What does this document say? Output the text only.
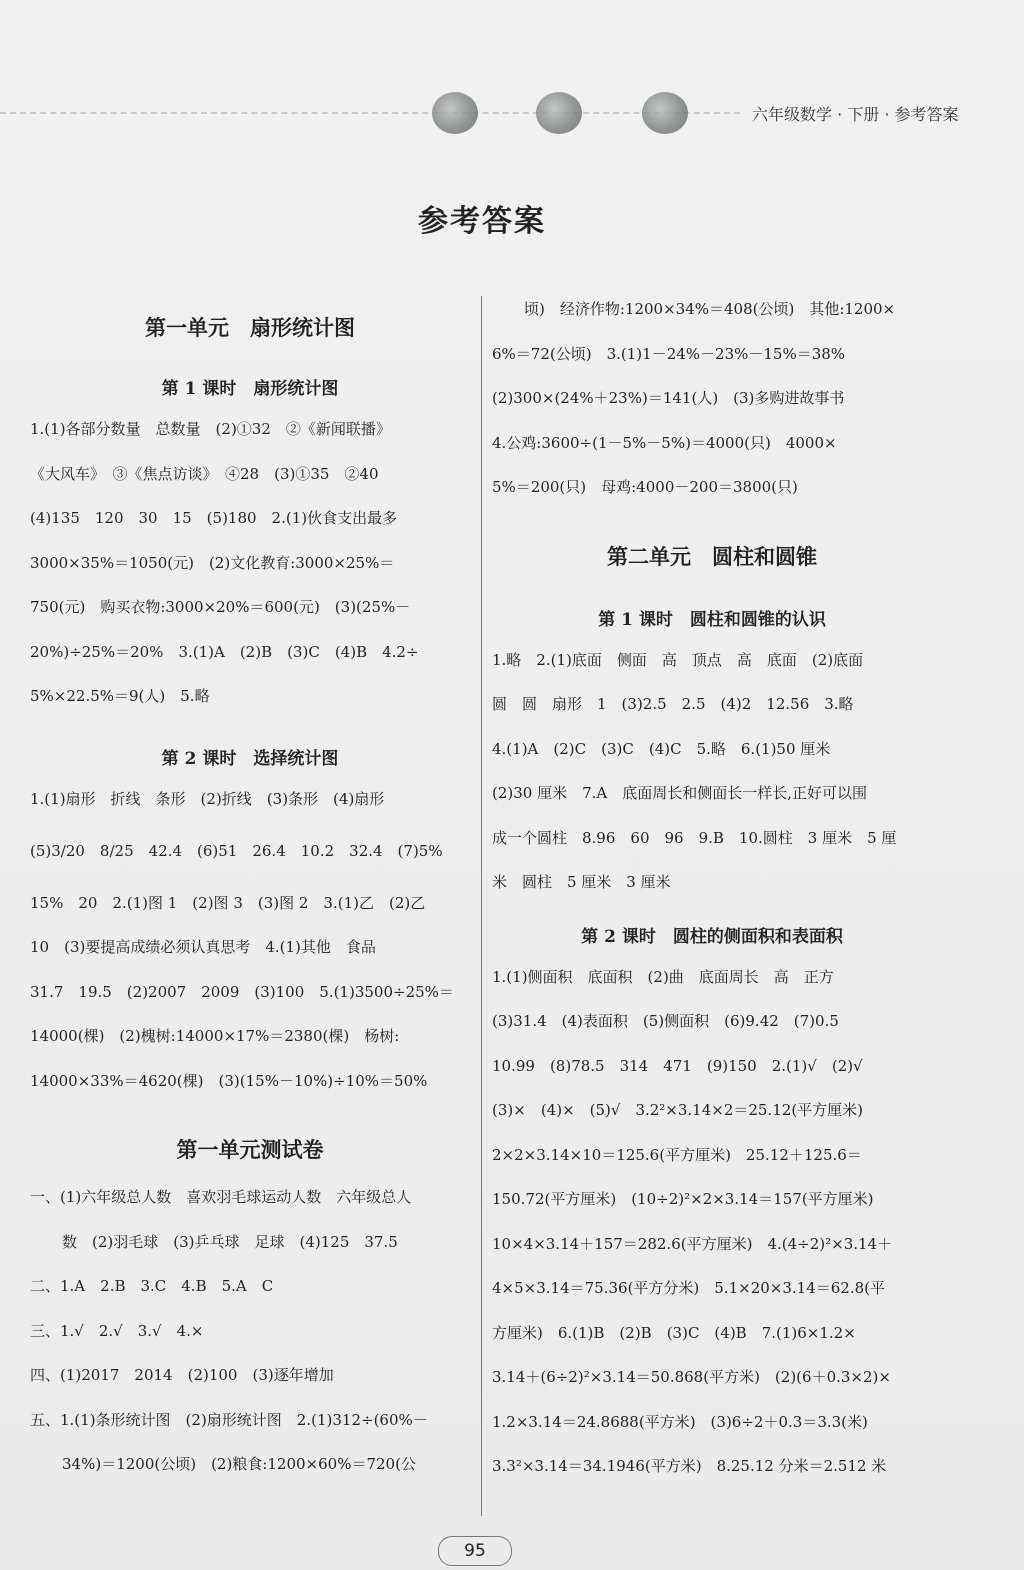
六年级数学 · 下册 · 参考答案
参考答案
第一单元　扇形统计图
第 1 课时　扇形统计图
1.(1)各部分数量　总数量　(2)①32　②《新闻联播》
《大风车》　③《焦点访谈》　④28　(3)①35　②40
(4)135　120　30　15　(5)180　2.(1)伙食支出最多
3000×35%＝1050(元)　(2)文化教育:3000×25%＝
750(元)　购买衣物:3000×20%＝600(元)　(3)(25%－
20%)÷25%＝20%　3.(1)A　(2)B　(3)C　(4)B　4.2÷
5%×22.5%＝9(人)　5.略
第 2 课时　选择统计图
1.(1)扇形　折线　条形　(2)折线　(3)条形　(4)扇形
(5)3/20　8/25　42.4　(6)51　26.4　10.2　32.4　(7)5%
15%　20　2.(1)图 1　(2)图 3　(3)图 2　3.(1)乙　(2)乙
10　(3)要提高成绩必须认真思考　4.(1)其他　食品
31.7　19.5　(2)2007　2009　(3)100　5.(1)3500÷25%＝
14000(棵)　(2)槐树:14000×17%＝2380(棵)　杨树:
14000×33%＝4620(棵)　(3)(15%－10%)÷10%＝50%
第一单元测试卷
一、(1)六年级总人数　喜欢羽毛球运动人数　六年级总人
数　(2)羽毛球　(3)乒乓球　足球　(4)125　37.5
二、1.A　2.B　3.C　4.B　5.A　C
三、1.√　2.√　3.√　4.×
四、(1)2017　2014　(2)100　(3)逐年增加
五、1.(1)条形统计图　(2)扇形统计图　2.(1)312÷(60%－
34%)＝1200(公顷)　(2)粮食:1200×60%＝720(公
顷)　经济作物:1200×34%＝408(公顷)　其他:1200×
6%＝72(公顷)　3.(1)1－24%－23%－15%＝38%
(2)300×(24%＋23%)＝141(人)　(3)多购进故事书
4.公鸡:3600÷(1－5%－5%)＝4000(只)　4000×
5%＝200(只)　母鸡:4000－200＝3800(只)
第二单元　圆柱和圆锥
第 1 课时　圆柱和圆锥的认识
1.略　2.(1)底面　侧面　高　顶点　高　底面　(2)底面
圆　圆　扇形　1　(3)2.5　2.5　(4)2　12.56　3.略
4.(1)A　(2)C　(3)C　(4)C　5.略　6.(1)50 厘米
(2)30 厘米　7.A　底面周长和侧面长一样长,正好可以围
成一个圆柱　8.96　60　96　9.B　10.圆柱　3 厘米　5 厘
米　圆柱　5 厘米　3 厘米
第 2 课时　圆柱的侧面积和表面积
1.(1)侧面积　底面积　(2)曲　底面周长　高　正方
(3)31.4　(4)表面积　(5)侧面积　(6)9.42　(7)0.5
10.99　(8)78.5　314　471　(9)150　2.(1)√　(2)√
(3)×　(4)×　(5)√　3.2²×3.14×2＝25.12(平方厘米)
2×2×3.14×10＝125.6(平方厘米)　25.12＋125.6＝
150.72(平方厘米)　(10÷2)²×2×3.14＝157(平方厘米)
10×4×3.14＋157＝282.6(平方厘米)　4.(4÷2)²×3.14＋
4×5×3.14＝75.36(平方分米)　5.1×20×3.14＝62.8(平
方厘米)　6.(1)B　(2)B　(3)C　(4)B　7.(1)6×1.2×
3.14＋(6÷2)²×3.14＝50.868(平方米)　(2)(6＋0.3×2)×
1.2×3.14＝24.8688(平方米)　(3)6÷2＋0.3＝3.3(米)
3.3²×3.14＝34.1946(平方米)　8.25.12 分米＝2.512 米
95
